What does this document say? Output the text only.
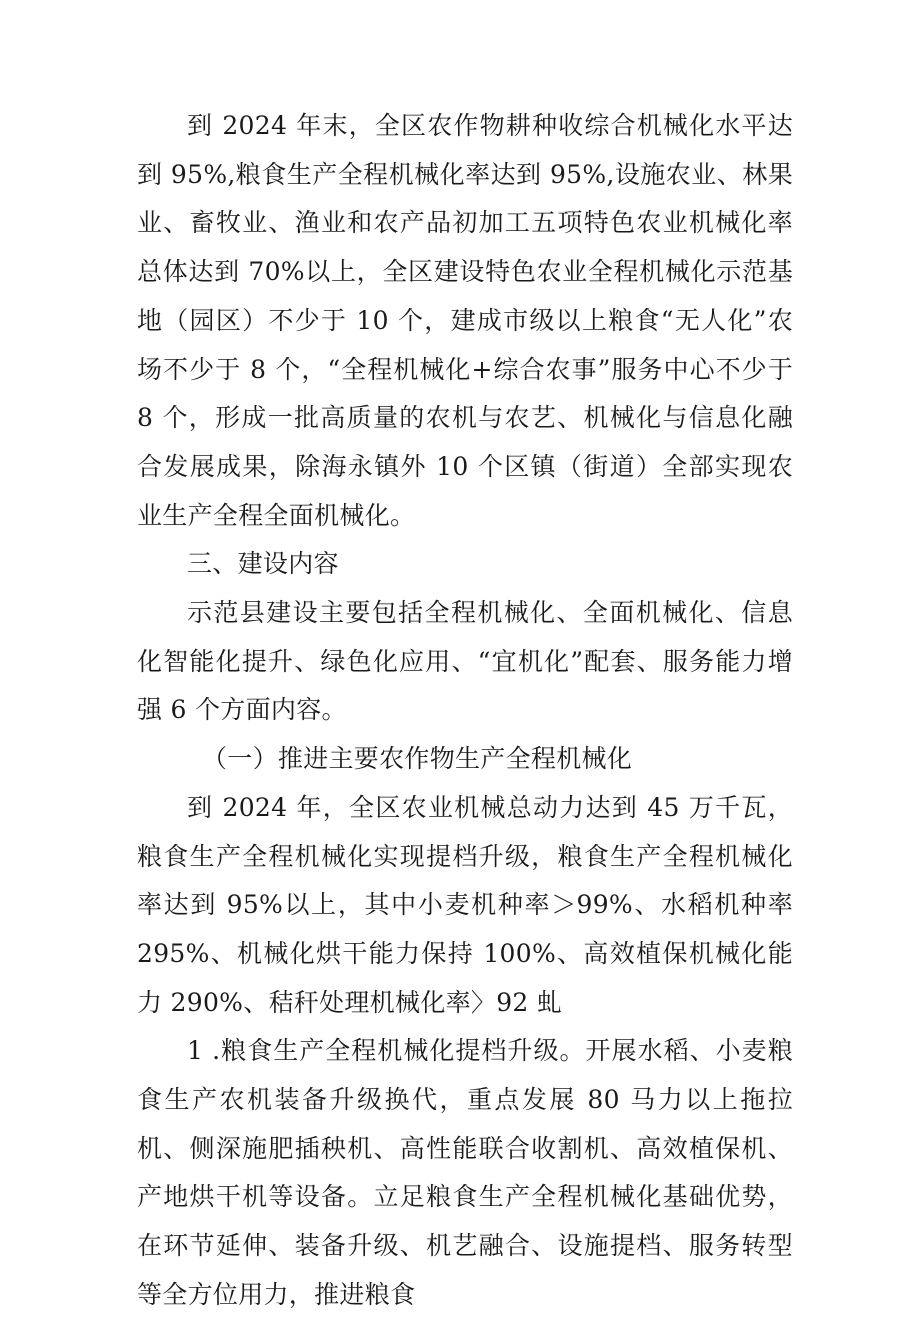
到 2024 年末，全区农作物耕种收综合机械化水平达到 95%,粮食生产全程机械化率达到 95%,设施农业、林果业、畜牧业、渔业和农产品初加工五项特色农业机械化率总体达到 70%以上，全区建设特色农业全程机械化示范基地（园区）不少于 10 个，建成市级以上粮食“无人化”农场不少于 8 个，“全程机械化+综合农事”服务中心不少于 8 个，形成一批高质量的农机与农艺、机械化与信息化融合发展成果，除海永镇外 10 个区镇（街道）全部实现农业生产全程全面机械化。

三、建设内容

示范县建设主要包括全程机械化、全面机械化、信息化智能化提升、绿色化应用、“宜机化”配套、服务能力增强 6 个方面内容。

（一）推进主要农作物生产全程机械化

到 2024 年，全区农业机械总动力达到 45 万千瓦，粮食生产全程机械化实现提档升级，粮食生产全程机械化率达到 95%以上，其中小麦机种率＞99%、水稻机种率 295%、机械化烘干能力保持 100%、高效植保机械化能力 290%、秸秆处理机械化率〉92 虬

1 .粮食生产全程机械化提档升级。开展水稻、小麦粮食生产农机装备升级换代，重点发展 80 马力以上拖拉机、侧深施肥插秧机、高性能联合收割机、高效植保机、产地烘干机等设备。立足粮食生产全程机械化基础优势，在环节延伸、装备升级、机艺融合、设施提档、服务转型等全方位用力，推进粮食
